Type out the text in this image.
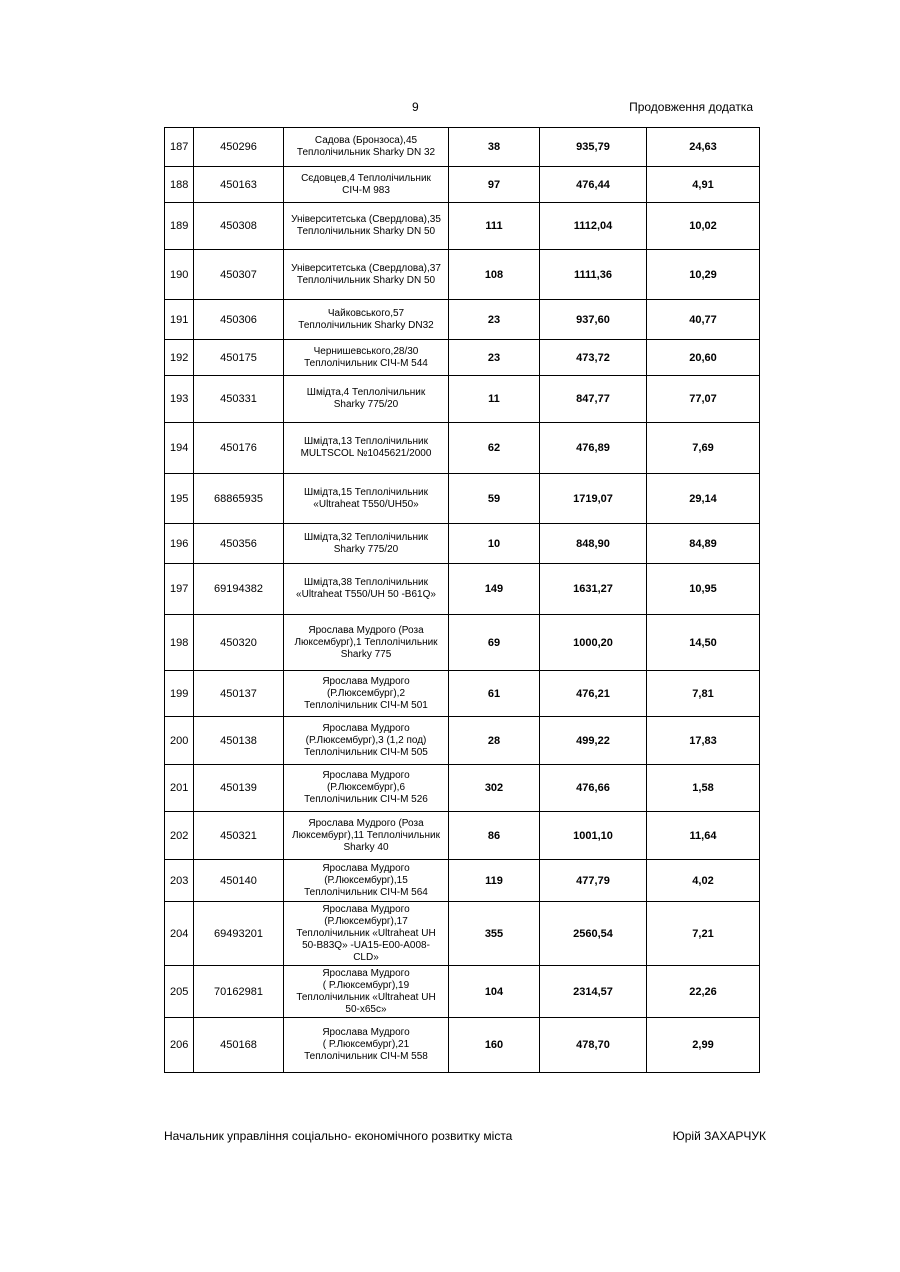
9	Продовження додатка
187	450296	Садова (Бронзоса),45
Теплолічильник Sharky DN 32	38	935,79	24,63
188	450163	Сєдовцев,4 Теплолічильник
СІЧ-М 983	97	476,44	4,91
189	450308	Університетська (Свердлова),35
Теплолічильник Sharky DN 50	111	1112,04	10,02
190	450307	Університетська (Свердлова),37
Теплолічильник Sharky DN 50	108	1111,36	10,29
191	450306	Чайковського,57
Теплолічильник Sharky DN32	23	937,60	40,77
192	450175	Чернишевського,28/30
Теплолічильник СІЧ-М 544	23	473,72	20,60
193	450331	Шмідта,4 Теплолічильник
Sharky 775/20	11	847,77	77,07
194	450176	Шмідта,13 Теплолічильник
MULTSCOL №1045621/2000	62	476,89	7,69
195	68865935	Шмідта,15 Теплолічильник
«Ultraheat T550/UH50»	59	1719,07	29,14
196	450356	Шмідта,32 Теплолічильник
Sharky 775/20	10	848,90	84,89
197	69194382	Шмідта,38 Теплолічильник
«Ultraheat T550/UH 50 -B61Q»	149	1631,27	10,95
198	450320	Ярослава Мудрого (Роза
Люксембург),1 Теплолічильник
Sharky 775	69	1000,20	14,50
199	450137	Ярослава Мудрого
(Р.Люксембург),2
Теплолічильник СІЧ-М 501	61	476,21	7,81
200	450138	Ярослава Мудрого
(Р.Люксембург),3 (1,2 под)
Теплолічильник СІЧ-М 505	28	499,22	17,83
201	450139	Ярослава Мудрого
(Р.Люксембург),6
Теплолічильник СІЧ-М 526	302	476,66	1,58
202	450321	Ярослава Мудрого (Роза
Люксембург),11 Теплолічильник
Sharky 40	86	1001,10	11,64
203	450140	Ярослава Мудрого
(Р.Люксембург),15
Теплолічильник СІЧ-М 564	119	477,79	4,02
204	69493201	Ярослава Мудрого
(Р.Люксембург),17
Теплолічильник «Ultraheat UH
50-B83Q» -UA15-E00-A008-
CLD»	355	2560,54	7,21
205	70162981	Ярослава Мудрого
( Р.Люксембург),19
Теплолічильник «Ultraheat UH
50-х65с»	104	2314,57	22,26
206	450168	Ярослава Мудрого
( Р.Люксембург),21
Теплолічильник СІЧ-М 558	160	478,70	2,99
Начальник управління соціально- економічного розвитку міста	Юрій ЗАХАРЧУК
